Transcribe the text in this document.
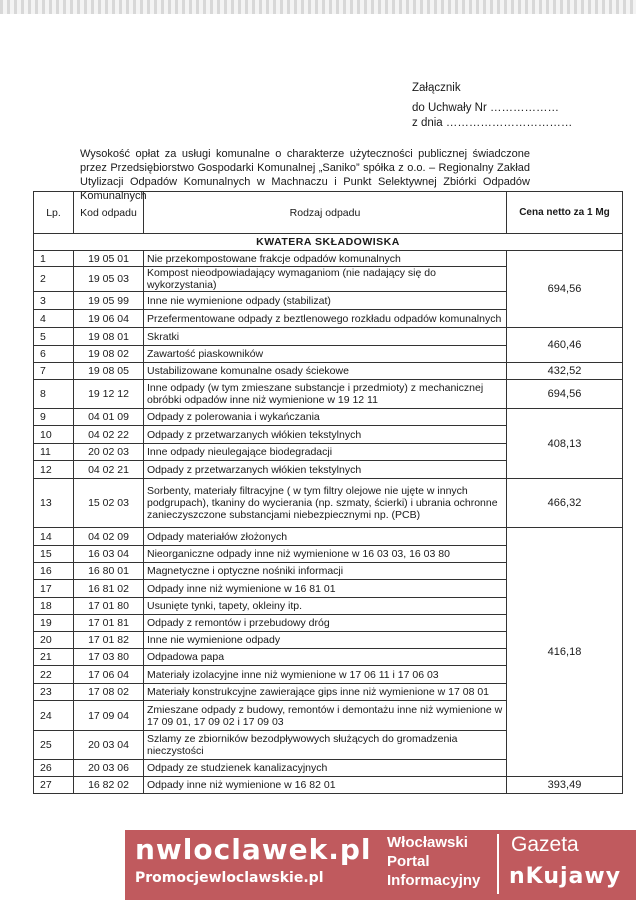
Załącznik
do Uchwały Nr ………………
z dnia ……………………………
Wysokość opłat za usługi komunalne o charakterze użyteczności publicznej świadczone przez Przedsiębiorstwo Gospodarki Komunalnej „Saniko” spółka z o.o. – Regionalny Zakład Utylizacji Odpadów Komunalnych w Machnaczu i Punkt Selektywnej Zbiórki Odpadów Komunalnych
Lp.	Kod odpadu	Rodzaj odpadu	Cena netto za 1 Mg
KWATERA SKŁADOWISKA			
1	19 05 01	Nie przekompostowane frakcje odpadów komunalnych	694,56
2	19 05 03	Kompost nieodpowiadający wymaganiom (nie nadający się do wykorzystania)	
3	19 05 99	Inne nie wymienione odpady (stabilizat)	
4	19 06 04	Przefermentowane odpady z beztlenowego rozkładu odpadów komunalnych	
5	19 08 01	Skratki	460,46
6	19 08 02	Zawartość piaskowników	
7	19 08 05	Ustabilizowane komunalne osady ściekowe	432,52
8	19 12 12	Inne odpady (w tym zmieszane substancje i przedmioty) z mechanicznej obróbki odpadów inne niż wymienione w 19 12 11	694,56
9	04 01 09	Odpady z polerowania i wykańczania	408,13
10	04 02 22	Odpady z przetwarzanych włókien tekstylnych	
11	20 02 03	Inne odpady nieulegające biodegradacji	
12	04 02 21	Odpady z przetwarzanych włókien tekstylnych	
13	15 02 03	Sorbenty, materiały filtracyjne ( w tym filtry olejowe nie ujęte w innych podgrupach), tkaniny do wycierania (np. szmaty, ścierki) i ubrania ochronne zanieczyszczone substancjami niebezpiecznymi np. (PCB)	466,32
14	04 02 09	Odpady materiałów złożonych	416,18
15	16 03 04	Nieorganiczne odpady inne niż wymienione w 16 03 03, 16 03 80	
16	16 80 01	Magnetyczne i optyczne nośniki informacji	
17	16 81 02	Odpady inne niż wymienione w 16 81 01	
18	17 01 80	Usunięte tynki, tapety, okleiny itp.	
19	17 01 81	Odpady z remontów i przebudowy dróg	
20	17 01 82	Inne nie wymienione odpady	
21	17 03 80	Odpadowa papa	
22	17 06 04	Materiały izolacyjne inne niż wymienione w 17 06 11 i 17 06 03	
23	17 08 02	Materiały konstrukcyjne zawierające gips inne niż wymienione w 17 08 01	
24	17 09 04	Zmieszane odpady z budowy, remontów i demontażu inne niż wymienione w 17 09 01, 17 09 02 i 17 09 03	
25	20 03 04	Szlamy ze zbiorników bezodpływowych służących do gromadzenia nieczystości	
26	20 03 06	Odpady ze studzienek kanalizacyjnych	
27	16 82 02	Odpady inne niż wymienione w 16 82 01	393,49
nwloclawek.pl
Promocjewloclawskie.pl
Włocławski
Portal
Informacyjny
Gazeta
nKujawy
